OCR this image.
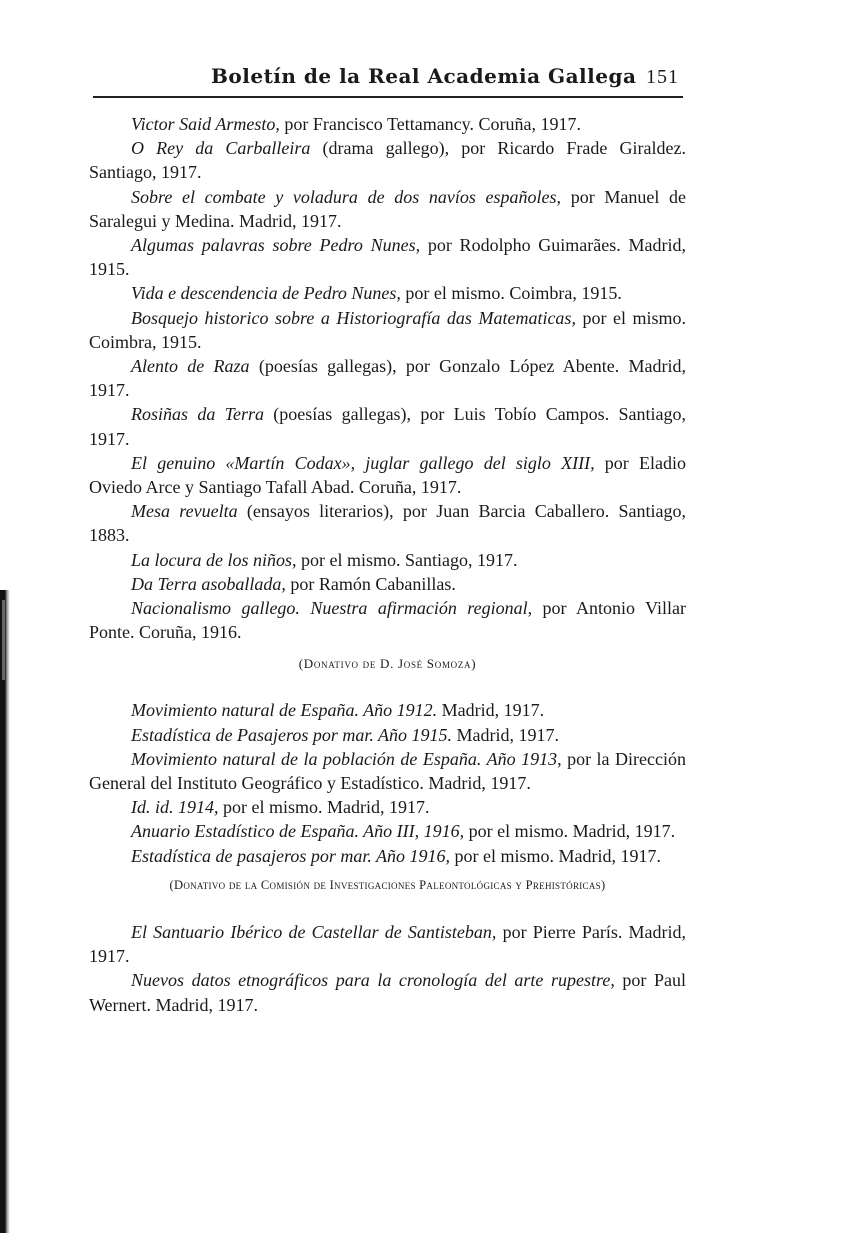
Boletín de la Real Academia Gallega 151

Victor Said Armesto, por Francisco Tettamancy. Coruña, 1917.

O Rey da Carballeira (drama gallego), por Ricardo Frade Giraldez. Santiago, 1917.

Sobre el combate y voladura de dos navíos españoles, por Manuel de Saralegui y Medina. Madrid, 1917.

Algumas palavras sobre Pedro Nunes, por Rodolpho Guimarães. Madrid, 1915.

Vida e descendencia de Pedro Nunes, por el mismo. Coimbra, 1915.

Bosquejo historico sobre a Historiografía das Matematicas, por el mismo. Coimbra, 1915.

Alento de Raza (poesías gallegas), por Gonzalo López Abente. Madrid, 1917.

Rosiñas da Terra (poesías gallegas), por Luis Tobío Campos. Santiago, 1917.

El genuino «Martín Codax», juglar gallego del siglo XIII, por Eladio Oviedo Arce y Santiago Tafall Abad. Coruña, 1917.

Mesa revuelta (ensayos literarios), por Juan Barcia Caballero. Santiago, 1883.

La locura de los niños, por el mismo. Santiago, 1917.

Da Terra asoballada, por Ramón Cabanillas.

Nacionalismo gallego. Nuestra afirmación regional, por Antonio Villar Ponte. Coruña, 1916.

(Donativo de D. José Somoza)

Movimiento natural de España. Año 1912. Madrid, 1917.

Estadística de Pasajeros por mar. Año 1915. Madrid, 1917.

Movimiento natural de la población de España. Año 1913, por la Dirección General del Instituto Geográfico y Estadístico. Madrid, 1917.

Id. id. 1914, por el mismo. Madrid, 1917.

Anuario Estadístico de España. Año III, 1916, por el mismo. Madrid, 1917.

Estadística de pasajeros por mar. Año 1916, por el mismo. Madrid, 1917.

(Donativo de la Comisión de Investigaciones Paleontológicas y Prehistóricas)

El Santuario Ibérico de Castellar de Santisteban, por Pierre París. Madrid, 1917.

Nuevos datos etnográficos para la cronología del arte rupestre, por Paul Wernert. Madrid, 1917.
